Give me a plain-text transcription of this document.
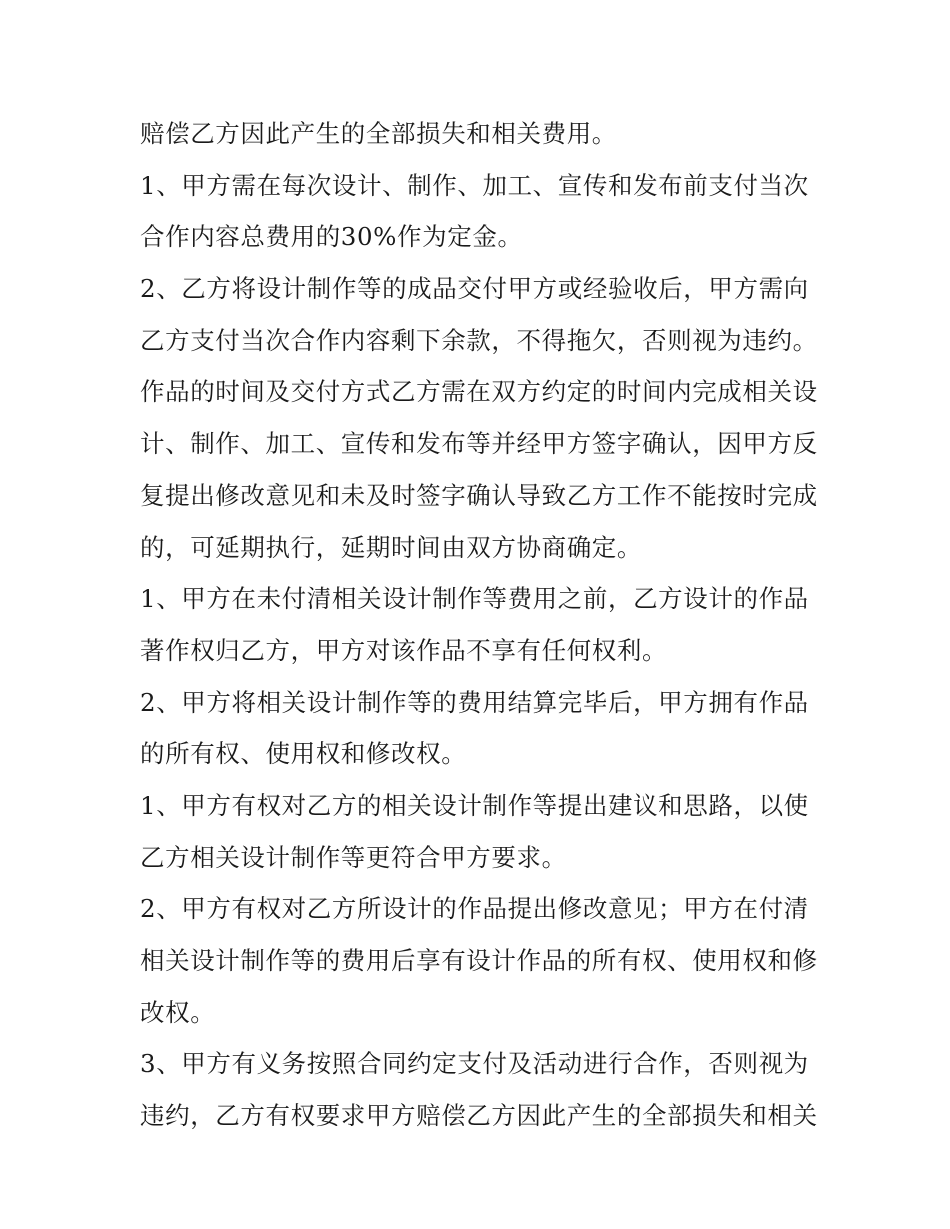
赔偿乙方因此产生的全部损失和相关费用。
1、甲方需在每次设计、制作、加工、宣传和发布前支付当次
合作内容总费用的30%作为定金。
2、乙方将设计制作等的成品交付甲方或经验收后，甲方需向
乙方支付当次合作内容剩下余款，不得拖欠，否则视为违约。
作品的时间及交付方式乙方需在双方约定的时间内完成相关设
计、制作、加工、宣传和发布等并经甲方签字确认，因甲方反
复提出修改意见和未及时签字确认导致乙方工作不能按时完成
的，可延期执行，延期时间由双方协商确定。
1、甲方在未付清相关设计制作等费用之前，乙方设计的作品
著作权归乙方，甲方对该作品不享有任何权利。
2、甲方将相关设计制作等的费用结算完毕后，甲方拥有作品
的所有权、使用权和修改权。
1、甲方有权对乙方的相关设计制作等提出建议和思路，以使
乙方相关设计制作等更符合甲方要求。
2、甲方有权对乙方所设计的作品提出修改意见；甲方在付清
相关设计制作等的费用后享有设计作品的所有权、使用权和修
改权。
3、甲方有义务按照合同约定支付及活动进行合作，否则视为
违约，乙方有权要求甲方赔偿乙方因此产生的全部损失和相关
